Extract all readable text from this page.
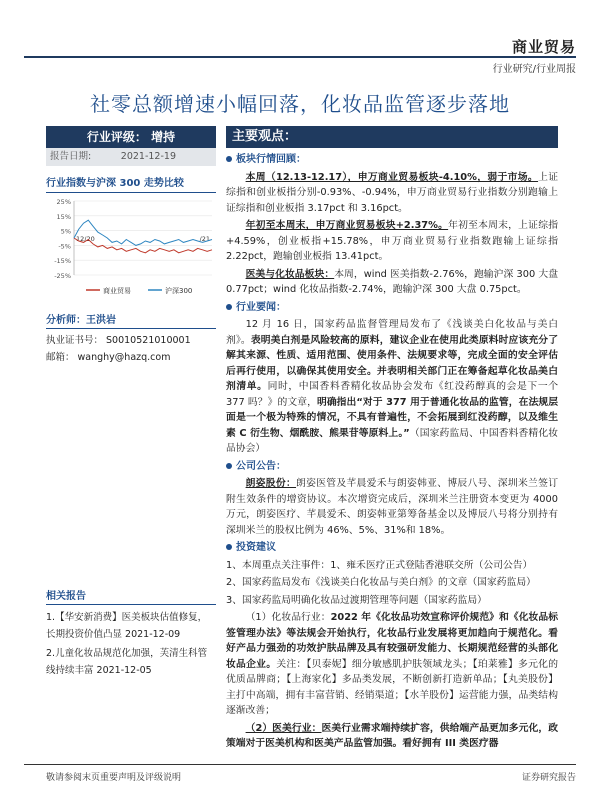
商业贸易
行业研究/行业周报
社零总额增速小幅回落，化妆品监管逐步落地
行业评级： 增持
报告日期:	2021-12-19
行业指数与沪深 300 走势比较
25%
15%
5%
-5%
-15%
-25%
12/20	/21
商业贸易	沪深300
分析师：王洪岩
执业证书号： S0010521010001
邮箱： wanghy@hazq.com
相关报告
1.【华安新消费】医美板块估值修复，长期投资价值凸显 2021-12-09
2.儿童化妆品规范化加强，芙清生科管线持续丰富 2021-12-05
主要观点：
板块行情回顾：
本周（12.13-12.17），申万商业贸易板块-4.10%，弱于市场。上证综指和创业板指分别-0.93%、-0.94%，申万商业贸易行业指数分别跑输上证综指和创业板指 3.17pct 和 3.16pct。
年初至本周末，申万商业贸易板块+2.37%。年初至本周末，上证综指+4.59%，创业板指+15.78%，申万商业贸易行业指数跑输上证综指 2.22pct，跑输创业板指 13.41pct。
医美与化妆品板块：本周，wind 医美指数-2.76%，跑输沪深 300 大盘 0.77pct；wind 化妆品指数-2.74%，跑输沪深 300 大盘 0.75pct。
行业要闻：
12 月 16 日，国家药品监督管理局发布了《浅谈美白化妆品与美白剂》。表明美白剂是风险较高的原料，建议企业在使用此类原料时应该充分了解其来源、性质、适用范围、使用条件、法规要求等，完成全面的安全评估后再行使用，以确保其使用安全。并表明相关部门正在筹备起草化妆品美白剂清单。同时，中国香料香精化妆品协会发布《红没药醇真的会是下一个 377 吗？》的文章，明确指出“对于 377 用于普通化妆品的监管，在法规层面是一个极为特殊的情况，不具有普遍性，不会拓展到红没药醇，以及维生素 C 衍生物、烟酰胺、熊果苷等原料上。”（国家药监局、中国香料香精化妆品协会）
公司公告：
朗姿股份：朗姿医管及芊晨爱禾与朗姿韩亚、博辰八号、深圳米兰签订附生效条件的增资协议。本次增资完成后，深圳米兰注册资本变更为 4000 万元，朗姿医疗、芊晨爱禾、朗姿韩亚第筹备基金以及博辰八号将分别持有深圳米兰的股权比例为 46%、5%、31%和 18%。
投资建议
1、本周重点关注事件：1、雍禾医疗正式登陆香港联交所（公司公告）
2、国家药监局发布《浅谈美白化妆品与美白剂》的文章（国家药监局）
3、国家药监局明确化妆品过渡期管理等问题（国家药监局）
（1）化妆品行业：2022 年《化妆品功效宣称评价规范》和《化妆品标签管理办法》等法规会开始执行，化妆品行业发展将更加趋向于规范化。看好产品力强劲的功效护肤品牌及具有较强研发能力、长期规范经营的头部化妆品企业。关注：【贝泰妮】细分敏感肌护肤领域龙头；【珀莱雅】多元化的优质品牌商；【上海家化】多品类发展，不断创新打造新单品；【丸美股份】主打中高端，拥有丰富营销、经销渠道；【水羊股份】运营能力强，品类结构逐渐改善；
（2）医美行业：医美行业需求端持续扩容，供给端产品更加多元化，政策端对于医美机构和医美产品监管加强。看好拥有 III 类医疗器
敬请参阅末页重要声明及评级说明	证券研究报告
